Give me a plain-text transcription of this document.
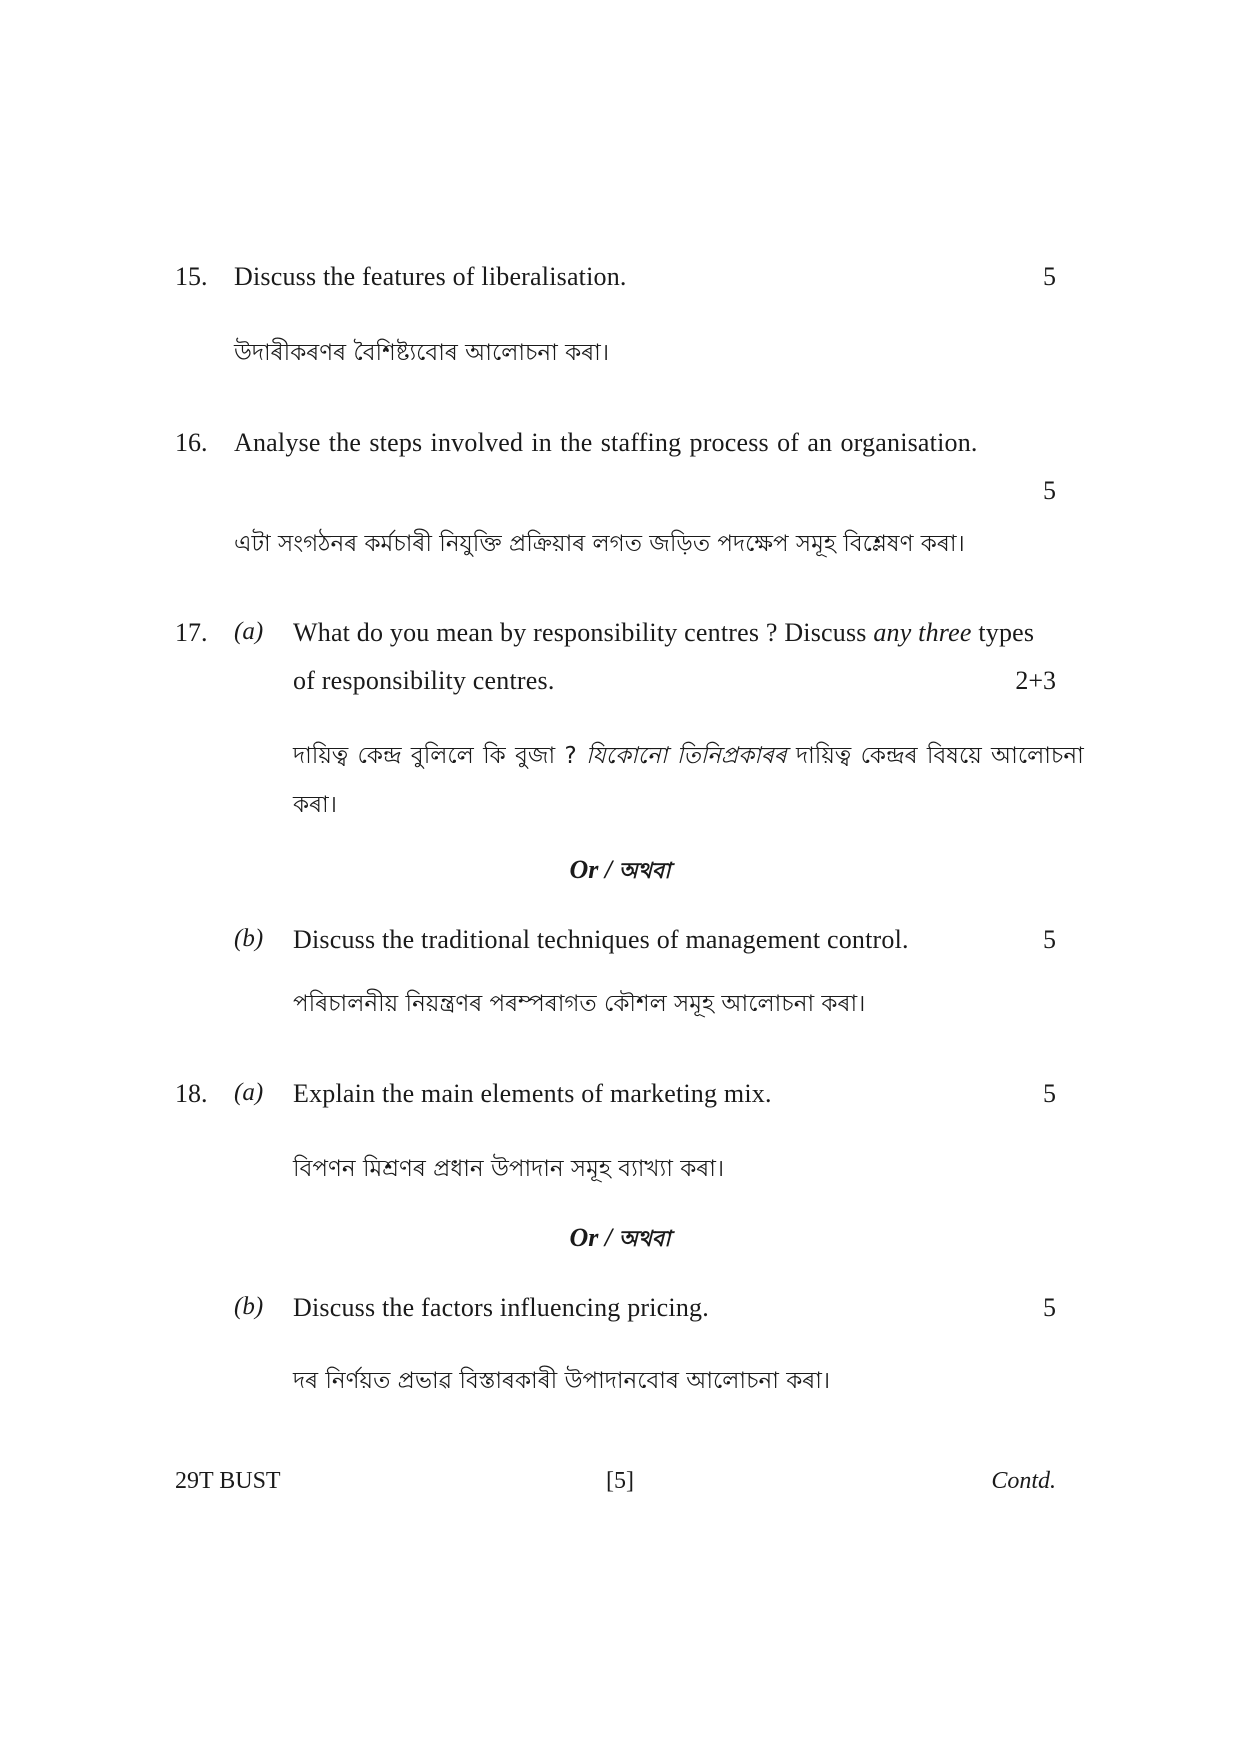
15. Discuss the features of liberalisation.	5
উদাৰীকৰণৰ বৈশিষ্ট্যবোৰ আলোচনা কৰা।
16. Analyse the steps involved in the staffing process of an organisation.
5
এটা সংগঠনৰ কৰ্মচাৰী নিযুক্তি প্ৰক্ৰিয়াৰ লগত জড়িত পদক্ষেপ সমূহ বিশ্লেষণ কৰা।
17. (a) What do you mean by responsibility centres ? Discuss any three types
of responsibility centres.	2+3
দায়িত্ব কেন্দ্ৰ বুলিলে কি বুজা ? যিকোনো তিনিপ্ৰকাৰৰ দায়িত্ব কেন্দ্ৰৰ বিষয়ে আলোচনা
কৰা।
Or / অথবা
(b) Discuss the traditional techniques of management control.	5
পৰিচালনীয় নিয়ন্ত্ৰণৰ পৰম্পৰাগত কৌশল সমূহ আলোচনা কৰা।
18. (a) Explain the main elements of marketing mix.	5
বিপণন মিশ্ৰণৰ প্ৰধান উপাদান সমূহ ব্যাখ্যা কৰা।
Or / অথবা
(b) Discuss the factors influencing pricing.	5
দৰ নিৰ্ণয়ত প্ৰভাৱ বিস্তাৰকাৰী উপাদানবোৰ আলোচনা কৰা।
29T BUST	[5]	Contd.
